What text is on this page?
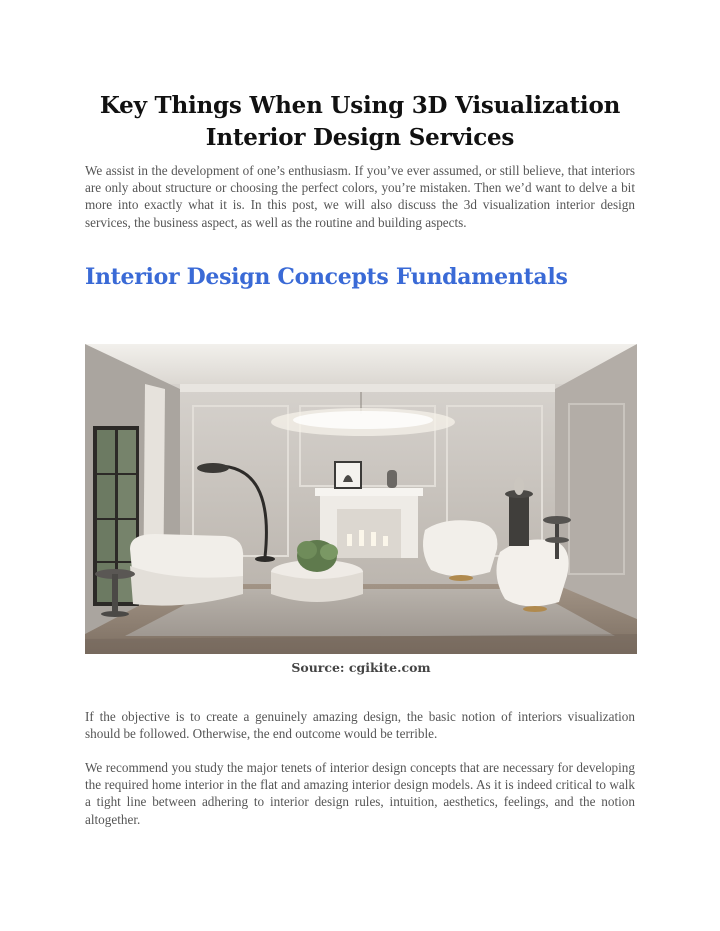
Key Things When Using 3D Visualization Interior Design Services

We assist in the development of one’s enthusiasm. If you’ve ever assumed, or still believe, that interiors are only about structure or choosing the perfect colors, you’re mistaken. Then we’d want to delve a bit more into exactly what it is. In this post, we will also discuss the 3d visualization interior design services, the business aspect, as well as the routine and building aspects.

Interior Design Concepts Fundamentals
Source: cgikite.com

If the objective is to create a genuinely amazing design, the basic notion of interiors visualization should be followed. Otherwise, the end outcome would be terrible.

We recommend you study the major tenets of interior design concepts that are necessary for developing the required home interior in the flat and amazing interior design models. As it is indeed critical to walk a tight line between adhering to interior design rules, intuition, aesthetics, feelings, and the notion altogether.
